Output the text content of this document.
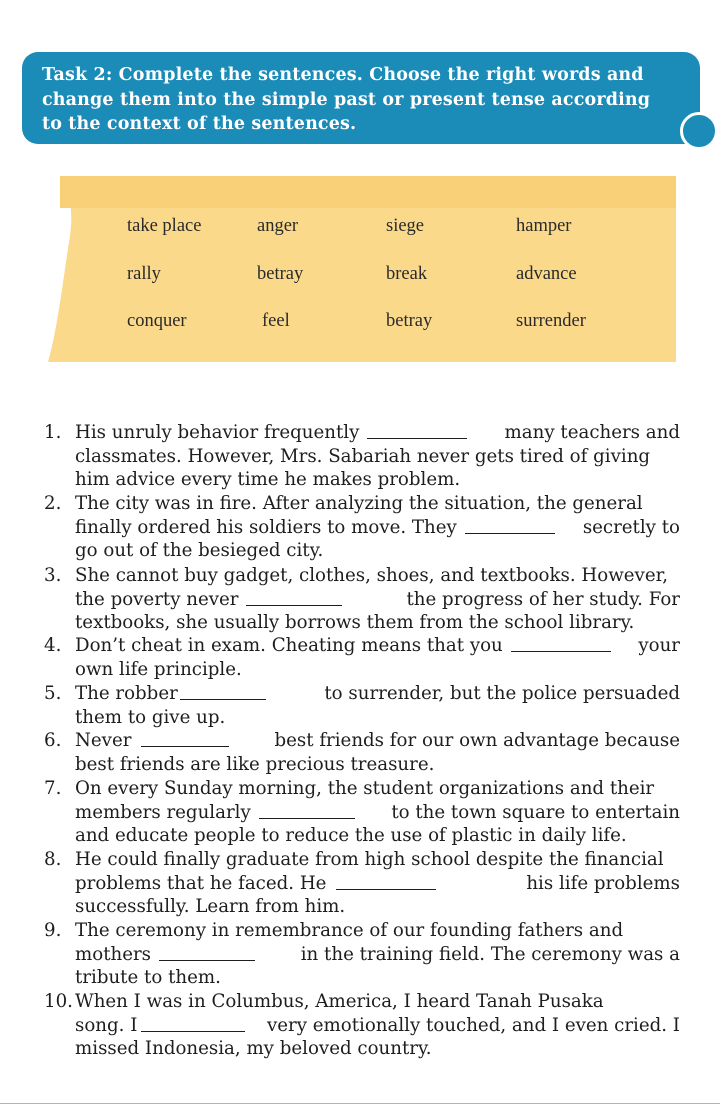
Task 2: Complete the sentences. Choose the right words and
change them into the simple past or present tense according
to the context of the sentences.
take place	anger	siege	hamper
rally	betray	break	advance
conquer	feel	betray	surrender
1. His unruly behavior frequently	many teachers and
classmates. However, Mrs. Sabariah never gets tired of giving
him advice every time he makes problem.
2. The city was in fire. After analyzing the situation, the general
finally ordered his soldiers to move. They	secretly to
go out of the besieged city.
3. She cannot buy gadget, clothes, shoes, and textbooks. However,
the poverty never	the progress of her study. For
textbooks, she usually borrows them from the school library.
4. Don’t cheat in exam. Cheating means that you	your
own life principle.
5. The robber	to surrender, but the police persuaded
them to give up.
6. Never	best friends for our own advantage because
best friends are like precious treasure.
7. On every Sunday morning, the student organizations and their
members regularly	to the town square to entertain
and educate people to reduce the use of plastic in daily life.
8. He could finally graduate from high school despite the financial
problems that he faced. He	his life problems
successfully. Learn from him.
9. The ceremony in remembrance of our founding fathers and
mothers	in the training field. The ceremony was a
tribute to them.
10. When I was in Columbus, America, I heard Tanah Pusaka
song. I	very emotionally touched, and I even cried. I
missed Indonesia, my beloved country.
